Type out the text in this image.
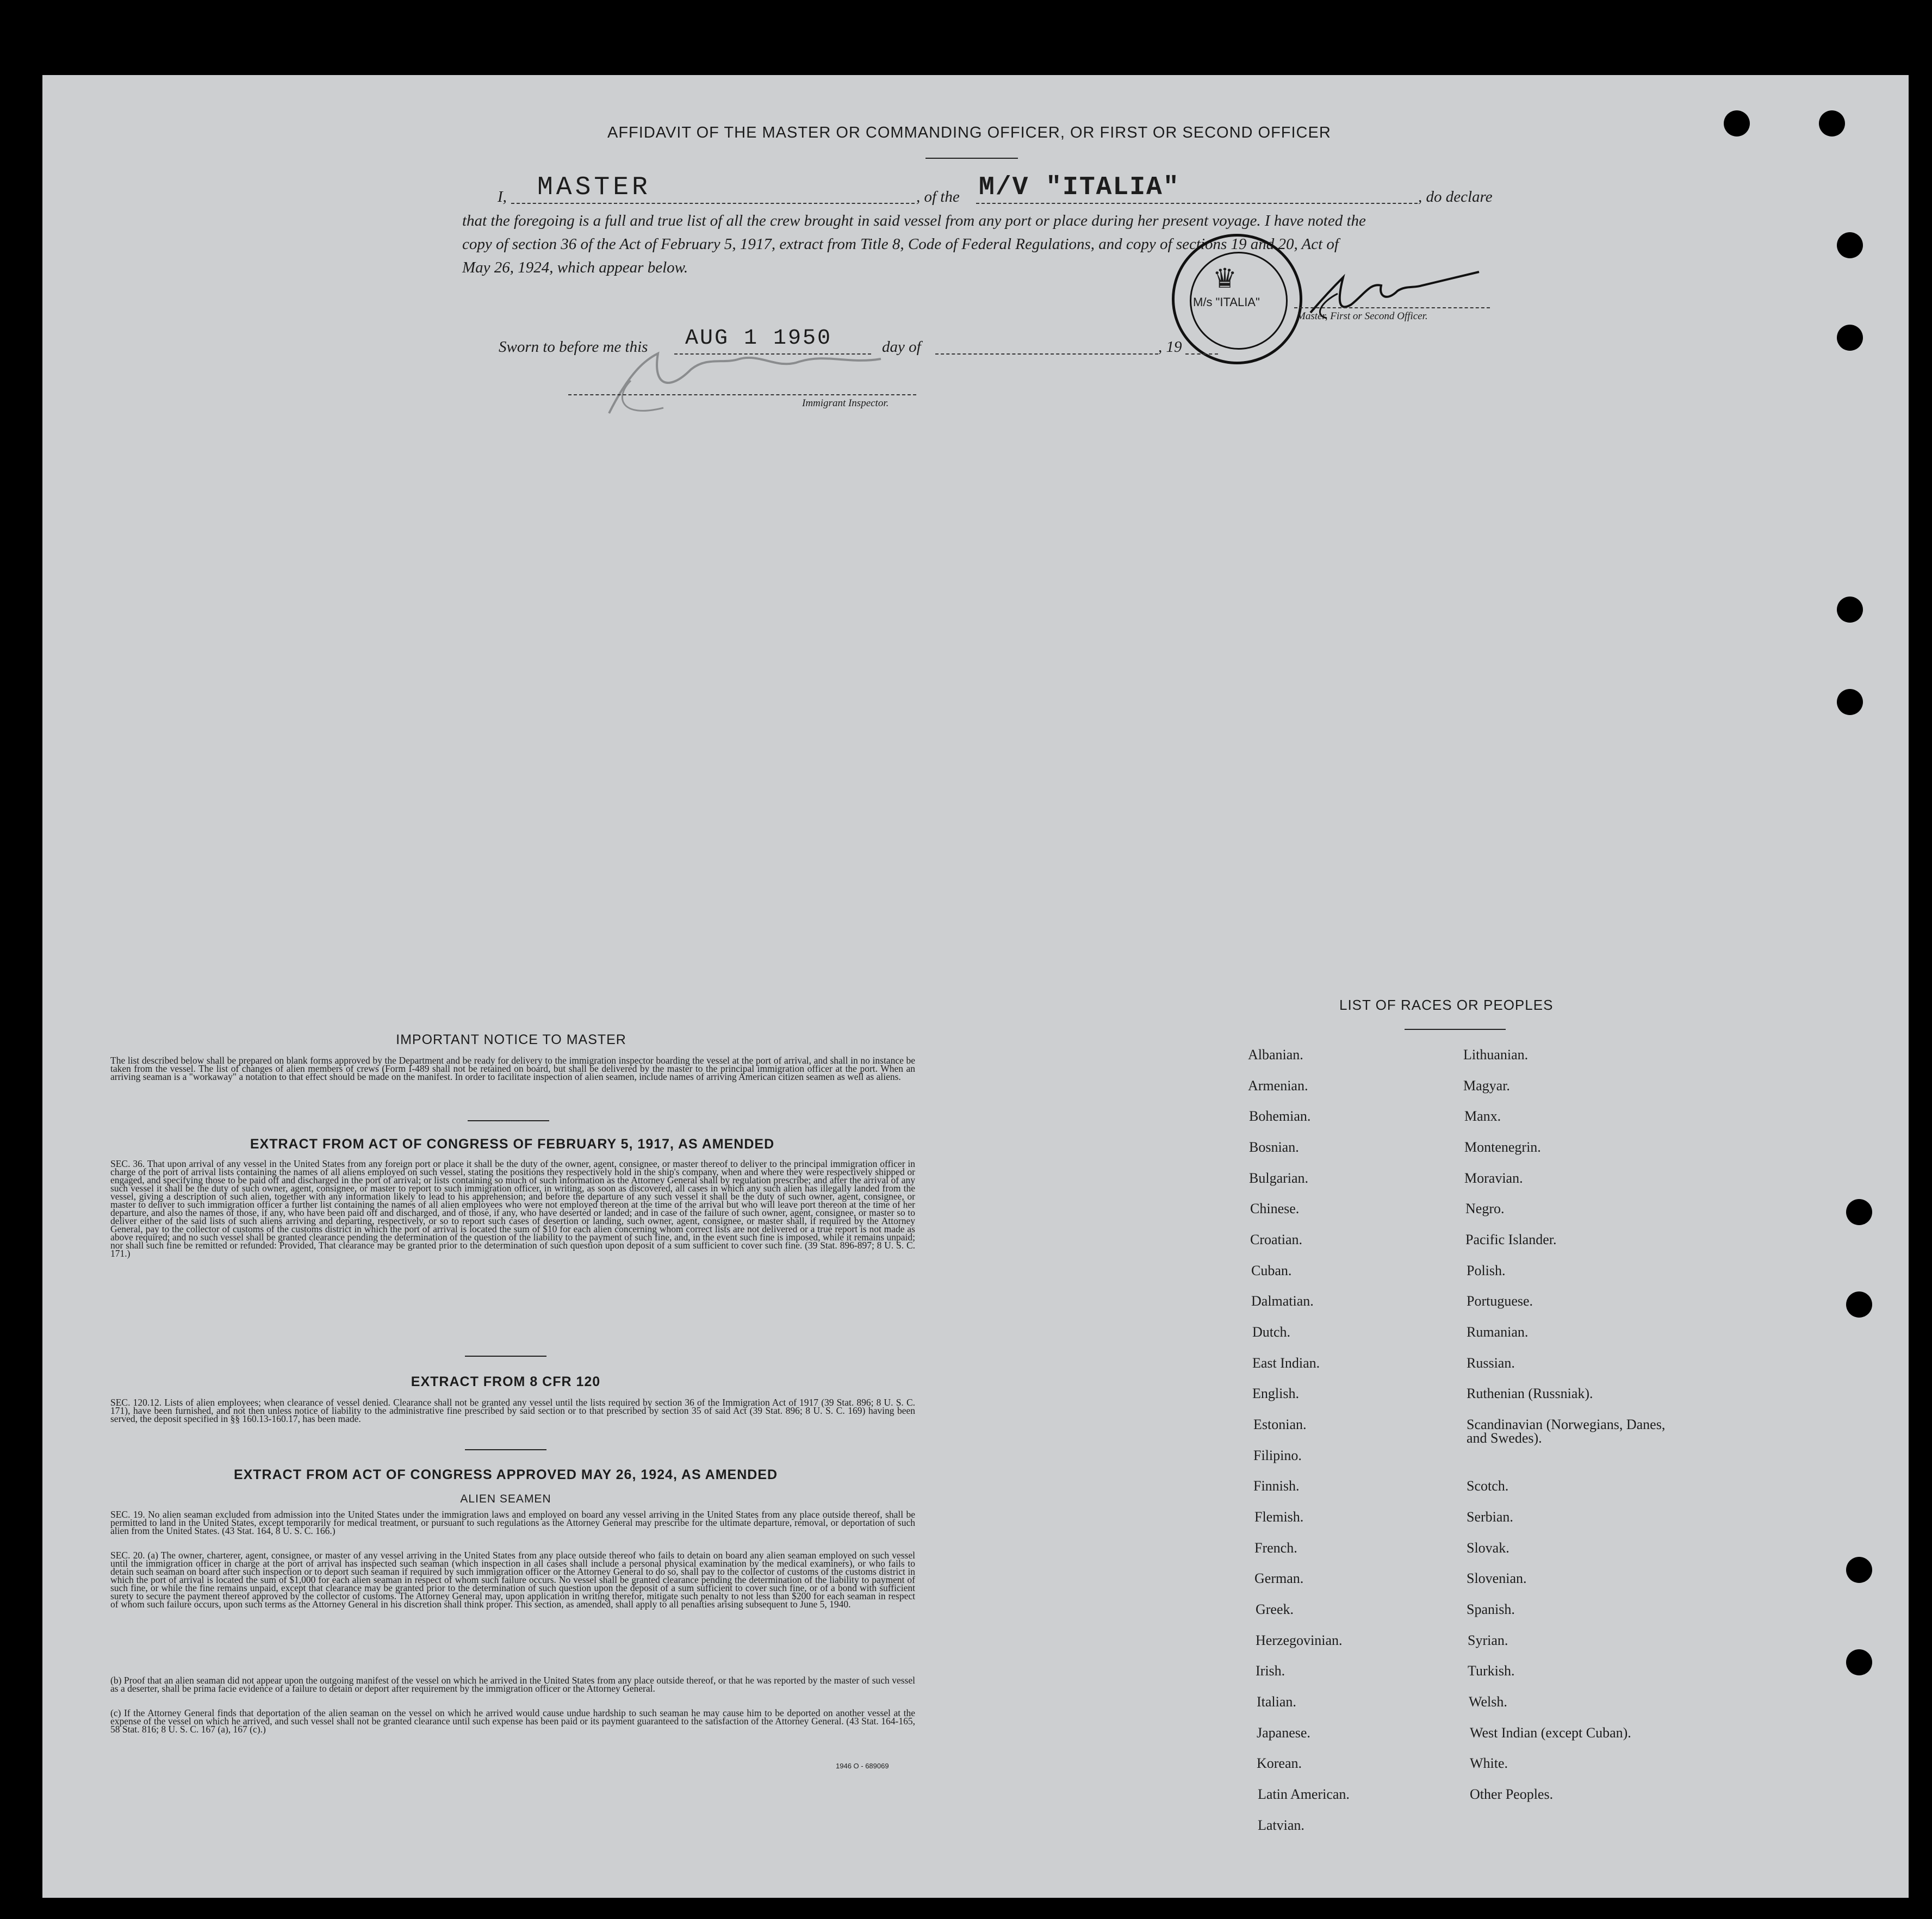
AFFIDAVIT OF THE MASTER OR COMMANDING OFFICER, OR FIRST OR SECOND OFFICER
I, MASTER	, of the M/V "ITALIA"	, do declare
that the foregoing is a full and true list of all the crew brought in said vessel from any port or place during her present voyage. I have noted the
copy of section 36 of the Act of February 5, 1917, extract from Title 8, Code of Federal Regulations, and copy of sections 19 and 20, Act of
May 26, 1924, which appear below.	♛
M/s "ITALIA"
Master, First or Second Officer.
Sworn to before me this AUG 1 1950	day of	, 19
Immigrant Inspector.
IMPORTANT NOTICE TO MASTER
The list described below shall be prepared on blank forms approved by the Department and be ready for delivery to the immigration inspector boarding the vessel at the port of arrival, and shall in no instance be taken from the vessel. The list of changes of alien members of crews (Form I-489 shall not be retained on board, but shall be delivered by the master to the principal immigration officer at the port. When an arriving seaman is a "workaway" a notation to that effect should be made on the manifest. In order to facilitate inspection of alien seamen, include names of arriving American citizen seamen as well as aliens.
EXTRACT FROM ACT OF CONGRESS OF FEBRUARY 5, 1917, AS AMENDED
SEC. 36. That upon arrival of any vessel in the United States from any foreign port or place it shall be the duty of the owner, agent, consignee, or master thereof to deliver to the principal immigration officer in charge of the port of arrival lists containing the names of all aliens employed on such vessel, stating the positions they respectively hold in the ship's company, when and where they were respectively shipped or engaged, and specifying those to be paid off and discharged in the port of arrival; or lists containing so much of such information as the Attorney General shall by regulation prescribe; and after the arrival of any such vessel it shall be the duty of such owner, agent, consignee, or master to report to such immigration officer, in writing, as soon as discovered, all cases in which any such alien has illegally landed from the vessel, giving a description of such alien, together with any information likely to lead to his apprehension; and before the departure of any such vessel it shall be the duty of such owner, agent, consignee, or master to deliver to such immigration officer a further list containing the names of all alien employees who were not employed thereon at the time of the arrival but who will leave port thereon at the time of her departure, and also the names of those, if any, who have been paid off and discharged, and of those, if any, who have deserted or landed; and in case of the failure of such owner, agent, consignee, or master so to deliver either of the said lists of such aliens arriving and departing, respectively, or so to report such cases of desertion or landing, such owner, agent, consignee, or master shall, if required by the Attorney General, pay to the collector of customs of the customs district in which the port of arrival is located the sum of $10 for each alien concerning whom correct lists are not delivered or a true report is not made as above required; and no such vessel shall be granted clearance pending the determination of the question of the liability to the payment of such fine, and, in the event such fine is imposed, while it remains unpaid; nor shall such fine be remitted or refunded: Provided, That clearance may be granted prior to the determination of such question upon deposit of a sum sufficient to cover such fine. (39 Stat. 896-897; 8 U. S. C. 171.)
EXTRACT FROM 8 CFR 120
SEC. 120.12. Lists of alien employees; when clearance of vessel denied. Clearance shall not be granted any vessel until the lists required by section 36 of the Immigration Act of 1917 (39 Stat. 896; 8 U. S. C. 171), have been furnished, and not then unless notice of liability to the administrative fine prescribed by said section or to that prescribed by section 35 of said Act (39 Stat. 896; 8 U. S. C. 169) having been served, the deposit specified in §§ 160.13-160.17, has been made.
EXTRACT FROM ACT OF CONGRESS APPROVED MAY 26, 1924, AS AMENDED
ALIEN SEAMEN
SEC. 19. No alien seaman excluded from admission into the United States under the immigration laws and employed on board any vessel arriving in the United States from any place outside thereof, shall be permitted to land in the United States, except temporarily for medical treatment, or pursuant to such regulations as the Attorney General may prescribe for the ultimate departure, removal, or deportation of such alien from the United States. (43 Stat. 164, 8 U. S. C. 166.)
SEC. 20. (a) The owner, charterer, agent, consignee, or master of any vessel arriving in the United States from any place outside thereof who fails to detain on board any alien seaman employed on such vessel until the immigration officer in charge at the port of arrival has inspected such seaman (which inspection in all cases shall include a personal physical examination by the medical examiners), or who fails to detain such seaman on board after such inspection or to deport such seaman if required by such immigration officer or the Attorney General to do so, shall pay to the collector of customs of the customs district in which the port of arrival is located the sum of $1,000 for each alien seaman in respect of whom such failure occurs. No vessel shall be granted clearance pending the determination of the liability to payment of such fine, or while the fine remains unpaid, except that clearance may be granted prior to the determination of such question upon the deposit of a sum sufficient to cover such fine, or of a bond with sufficient surety to secure the payment thereof approved by the collector of customs. The Attorney General may, upon application in writing therefor, mitigate such penalty to not less than $200 for each seaman in respect of whom such failure occurs, upon such terms as the Attorney General in his discretion shall think proper. This section, as amended, shall apply to all penalties arising subsequent to June 5, 1940.
(b) Proof that an alien seaman did not appear upon the outgoing manifest of the vessel on which he arrived in the United States from any place outside thereof, or that he was reported by the master of such vessel as a deserter, shall be prima facie evidence of a failure to detain or deport after requirement by the immigration officer or the Attorney General.
(c) If the Attorney General finds that deportation of the alien seaman on the vessel on which he arrived would cause undue hardship to such seaman he may cause him to be deported on another vessel at the expense of the vessel on which he arrived, and such vessel shall not be granted clearance until such expense has been paid or its payment guaranteed to the satisfaction of the Attorney General. (43 Stat. 164-165, 58 Stat. 816; 8 U. S. C. 167 (a), 167 (c).)
1946 O - 689069
LIST OF RACES OR PEOPLES
Albanian.
Armenian.
Bohemian.
Bosnian.
Bulgarian.
Chinese.
Croatian.
Cuban.
Dalmatian.
Dutch.
East Indian.
English.
Estonian.
Filipino.
Finnish.
Flemish.
French.
German.
Greek.
Herzegovinian.
Irish.
Italian.
Japanese.
Korean.
Latin American.
Latvian.
Lithuanian.
Magyar.
Manx.
Montenegrin.
Moravian.
Negro.
Pacific Islander.
Polish.
Portuguese.
Rumanian.
Russian.
Ruthenian (Russniak).
Scandinavian (Norwegians, Danes, and Swedes).
Scotch.
Serbian.
Slovak.
Slovenian.
Spanish.
Syrian.
Turkish.
Welsh.
West Indian (except Cuban).
White.
Other Peoples.
